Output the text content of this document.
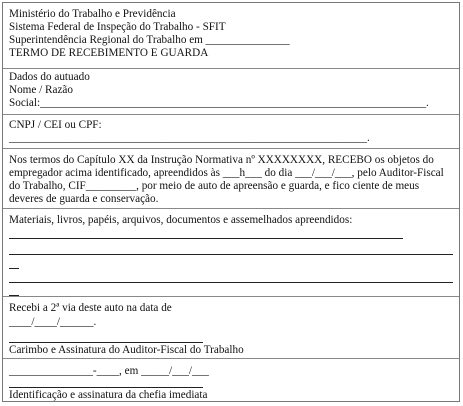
Ministério do Trabalho e Previdência
Sistema Federal de Inspeção do Trabalho - SFIT
Superintendência Regional do Trabalho em _______________
TERMO DE RECEBIMENTO E GUARDA
Dados do autuado
Nome / Razão
Social:_____________________________________________________________________.
CNPJ / CEI ou CPF:
________________________________________________________________.
Nos termos do Capítulo XX da Instrução Normativa nº XXXXXXXX, RECEBO os objetos do empregador acima identificado, apreendidos às ___h___ do dia ___/___/___, pelo Auditor-Fiscal do Trabalho, CIF_________, por meio de auto de apreensão e guarda, e fico ciente de meus deveres de guarda e conservação.
Materiais, livros, papéis, arquivos, documentos e assemelhados apreendidos:
Recebi a 2ª via deste auto na data de
____/____/______.
Carimbo e Assinatura do Auditor-Fiscal do Trabalho
_______________-____, em _____/___/___
Identificação e assinatura da chefia imediata
